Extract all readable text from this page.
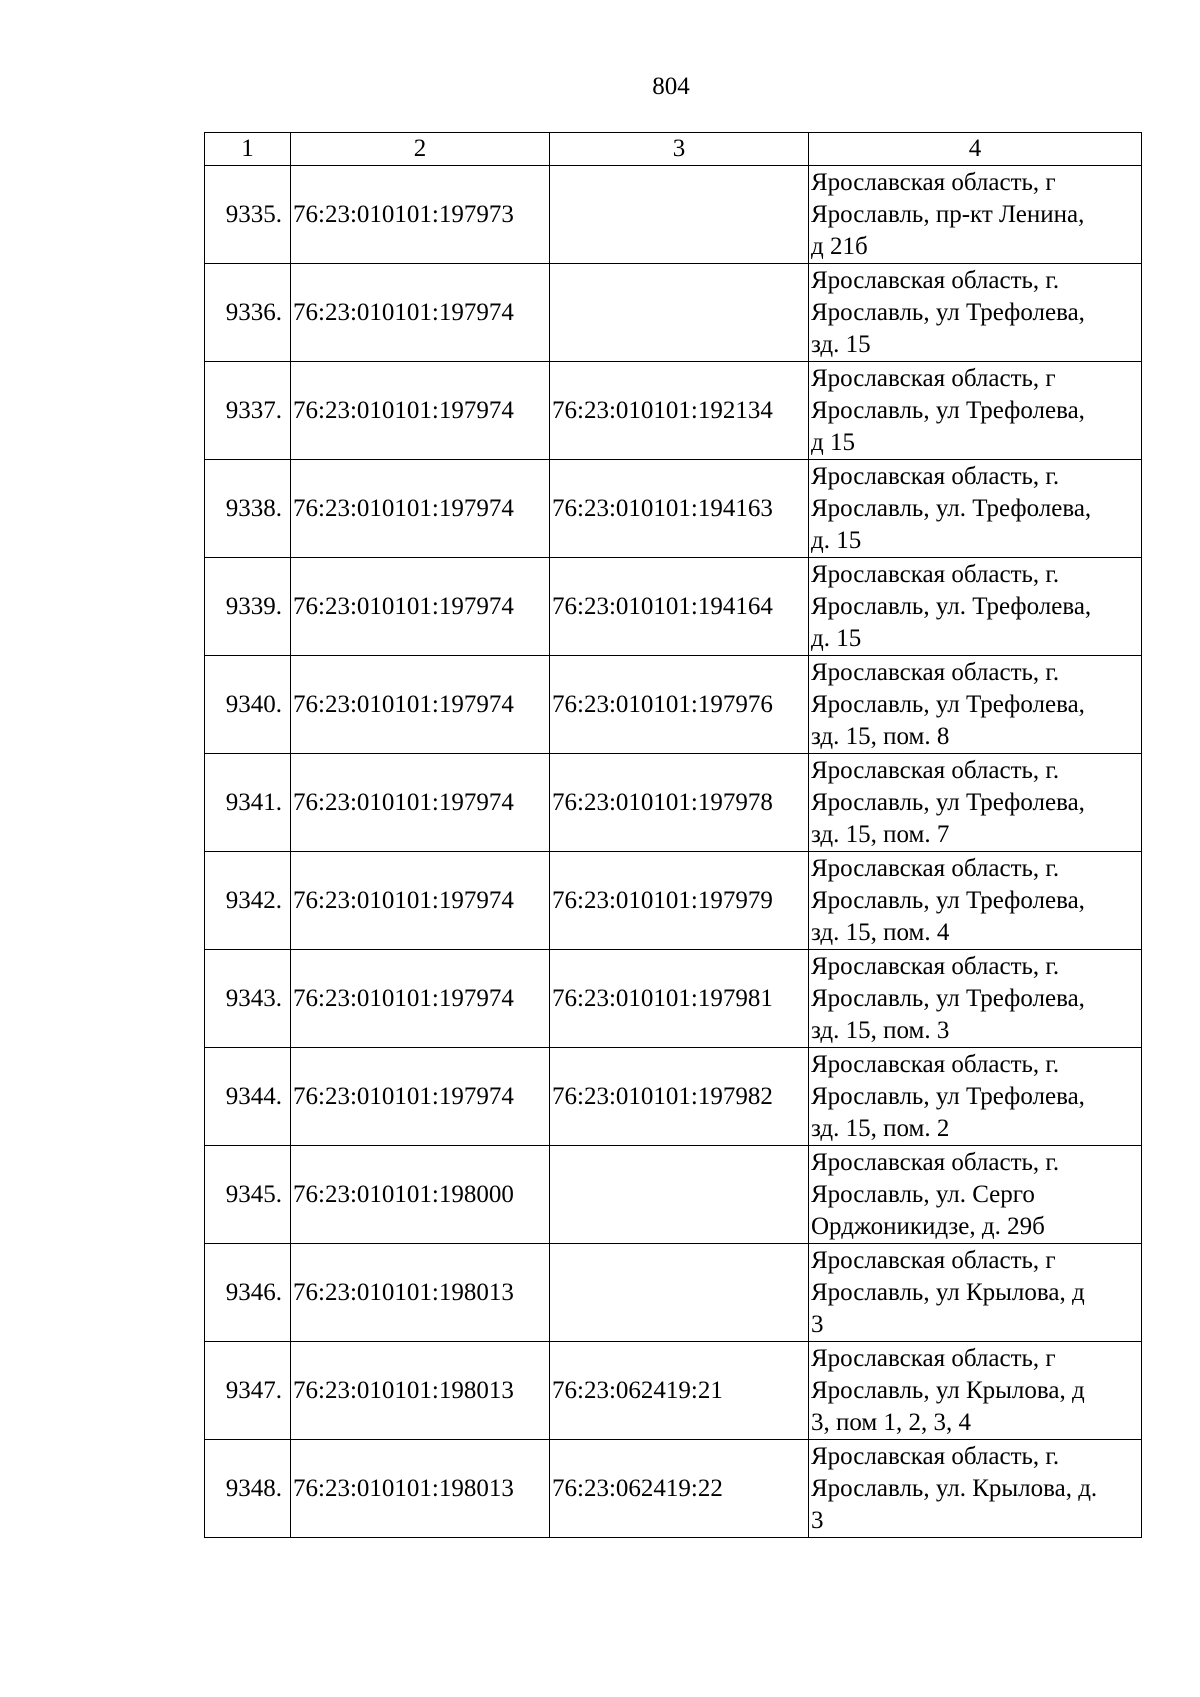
804
1	2	3	4
9335.	76:23:010101:197973		Ярославская область, г
Ярославль, пр-кт Ленина,
д 21б

9336.	76:23:010101:197974		Ярославская область, г.
Ярославль, ул Трефолева,
зд. 15

9337.	76:23:010101:197974	76:23:010101:192134	Ярославская область, г
Ярославль, ул Трефолева,
д 15

9338.	76:23:010101:197974	76:23:010101:194163	Ярославская область, г.
Ярославль, ул. Трефолева,
д. 15

9339.	76:23:010101:197974	76:23:010101:194164	Ярославская область, г.
Ярославль, ул. Трефолева,
д. 15

9340.	76:23:010101:197974	76:23:010101:197976	Ярославская область, г.
Ярославль, ул Трефолева,
зд. 15, пом. 8

9341.	76:23:010101:197974	76:23:010101:197978	Ярославская область, г.
Ярославль, ул Трефолева,
зд. 15, пом. 7

9342.	76:23:010101:197974	76:23:010101:197979	Ярославская область, г.
Ярославль, ул Трефолева,
зд. 15, пом. 4

9343.	76:23:010101:197974	76:23:010101:197981	Ярославская область, г.
Ярославль, ул Трефолева,
зд. 15, пом. 3

9344.	76:23:010101:197974	76:23:010101:197982	Ярославская область, г.
Ярославль, ул Трефолева,
зд. 15, пом. 2

9345.	76:23:010101:198000		Ярославская область, г.
Ярославль, ул. Серго
Орджоникидзе, д. 29б

9346.	76:23:010101:198013		Ярославская область, г
Ярославль, ул Крылова, д
3

9347.	76:23:010101:198013	76:23:062419:21	Ярославская область, г
Ярославль, ул Крылова, д
3, пом 1, 2, 3, 4

9348.	76:23:010101:198013	76:23:062419:22	Ярославская область, г.
Ярославль, ул. Крылова, д.
3
